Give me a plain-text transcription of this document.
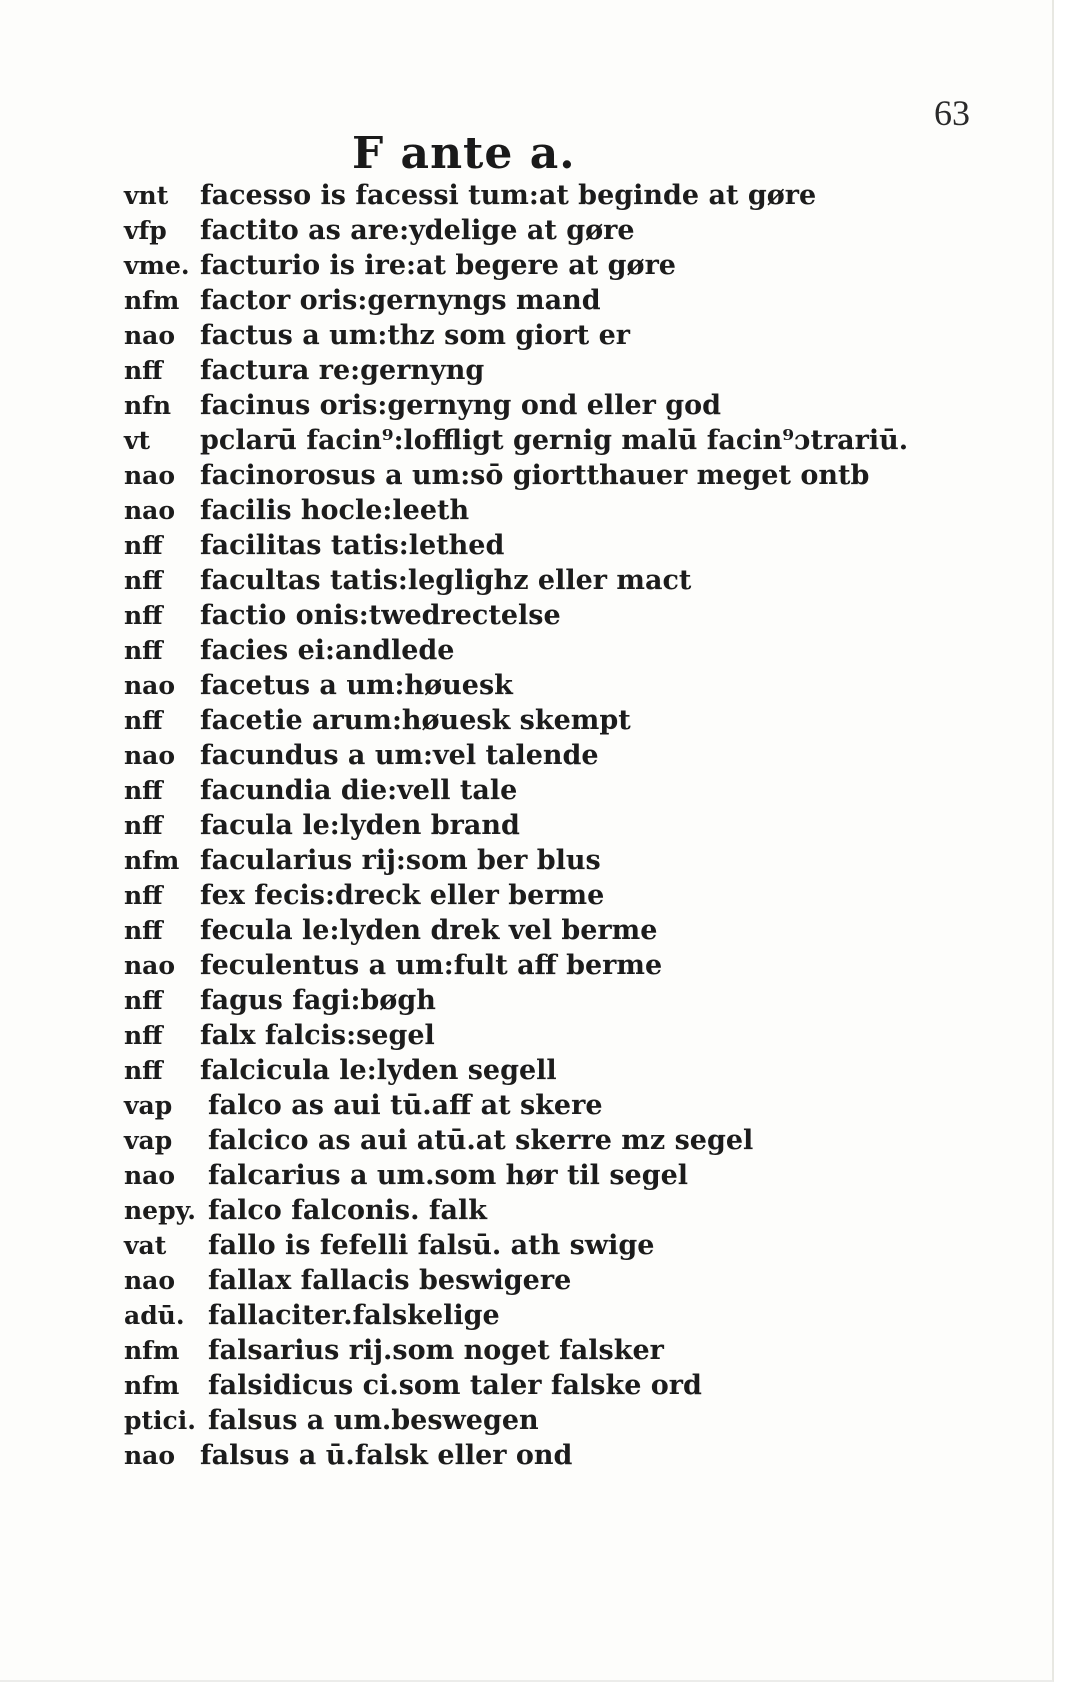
63
F ante a.
vnt facesso is facessi tum:at beginde at gøre
vfp factito as are:ydelige at gøre
vme. facturio is ire:at begere at gøre
nfm factor oris:gernyngs mand
nao factus a um:thz som giort er
nff factura re:gernyng
nfn facinus oris:gernyng ond eller god
vt pclarū facin⁹:loffligt gernig malū facin⁹ɔtrariū.
nao facinorosus a um:sō giortthauer meget ontb
nao facilis hocle:leeth
nff facilitas tatis:lethed
nff facultas tatis:leglighz eller mact
nff factio onis:twedrectelse
nff facies ei:andlede
nao facetus a um:høuesk
nff facetie arum:høuesk skempt
nao facundus a um:vel talende
nff facundia die:vell tale
nff facula le:lyden brand
nfm facularius rij:som ber blus
nff fex fecis:dreck eller berme
nff fecula le:lyden drek vel berme
nao feculentus a um:fult aff berme
nff fagus fagi:bøgh
nff falx falcis:segel
nff falcicula le:lyden segell
vap falco as aui tū.aff at skere
vap falcico as aui atū.at skerre mz segel
nao falcarius a um.som hør til segel
nepy. falco falconis. falk
vat fallo is fefelli falsū. ath swige
nao fallax fallacis beswigere
adū. fallaciter.falskelige
nfm falsarius rij.som noget falsker
nfm falsidicus ci.som taler falske ord
ptici. falsus a um.beswegen
nao falsus a ū.falsk eller ond
